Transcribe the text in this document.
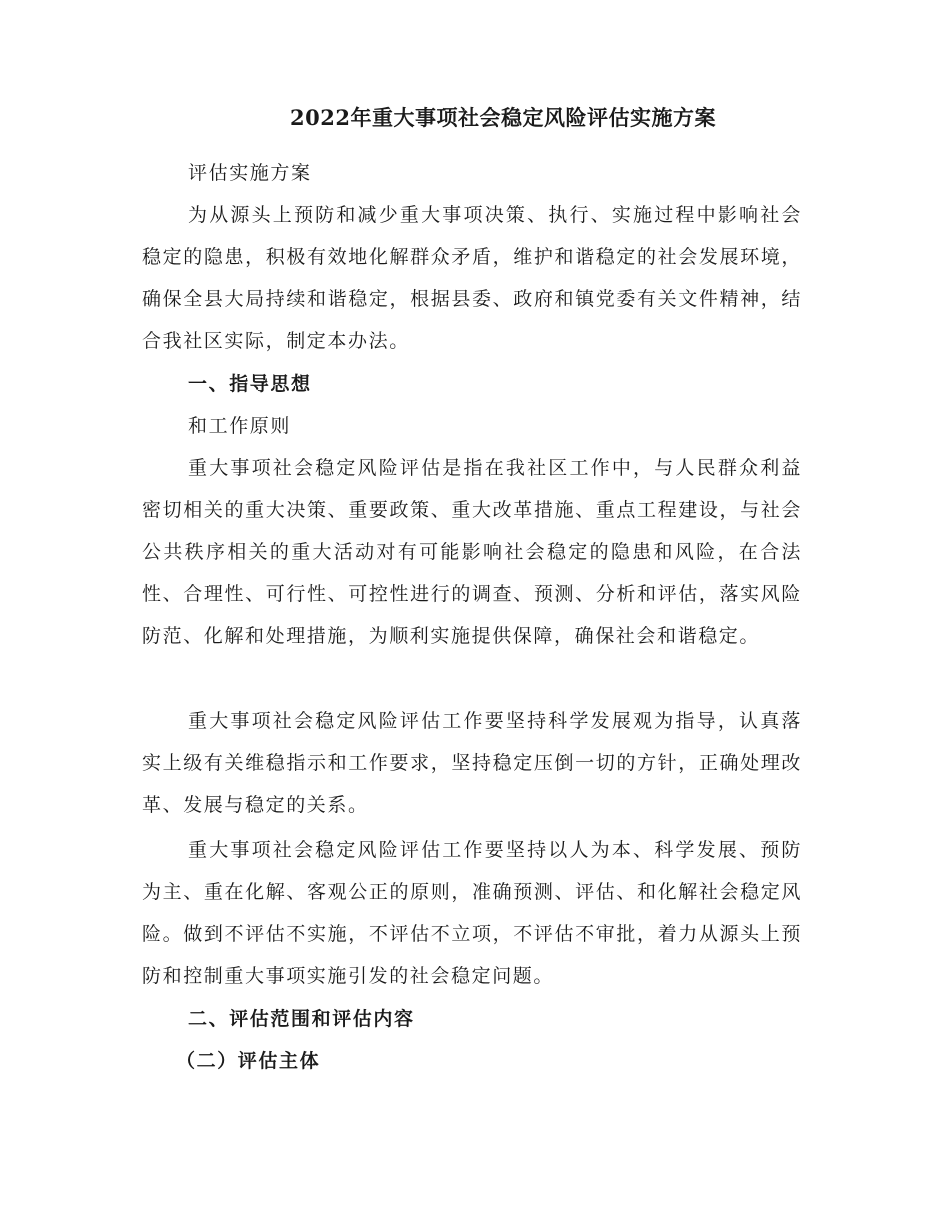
2022年重大事项社会稳定风险评估实施方案
评估实施方案
为从源头上预防和减少重大事项决策、执行、实施过程中影响社会稳定的隐患，积极有效地化解群众矛盾，维护和谐稳定的社会发展环境，确保全县大局持续和谐稳定，根据县委、政府和镇党委有关文件精神，结合我社区实际，制定本办法。
一、指导思想
和工作原则
重大事项社会稳定风险评估是指在我社区工作中，与人民群众利益密切相关的重大决策、重要政策、重大改革措施、重点工程建设，与社会公共秩序相关的重大活动对有可能影响社会稳定的隐患和风险，在合法性、合理性、可行性、可控性进行的调查、预测、分析和评估，落实风险防范、化解和处理措施，为顺利实施提供保障，确保社会和谐稳定。
重大事项社会稳定风险评估工作要坚持科学发展观为指导，认真落实上级有关维稳指示和工作要求，坚持稳定压倒一切的方针，正确处理改革、发展与稳定的关系。
重大事项社会稳定风险评估工作要坚持以人为本、科学发展、预防为主、重在化解、客观公正的原则，准确预测、评估、和化解社会稳定风险。做到不评估不实施，不评估不立项，不评估不审批，着力从源头上预防和控制重大事项实施引发的社会稳定问题。
二、评估范围和评估内容
（二）评估主体
